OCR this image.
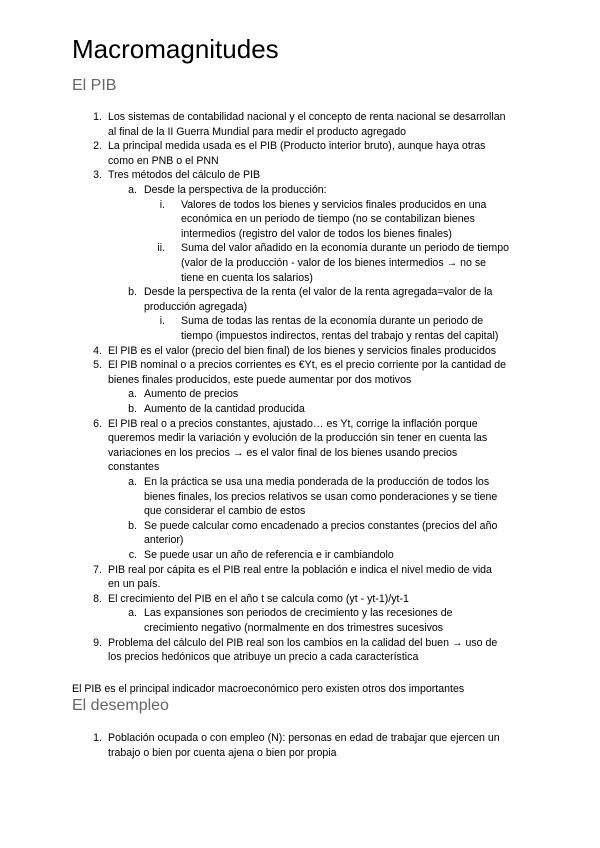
Macromagnitudes
El PIB
1. Los sistemas de contabilidad nacional y el concepto de renta nacional se desarrollan
al final de la II Guerra Mundial para medir el producto agregado
2. La principal medida usada es el PIB (Producto interior bruto), aunque haya otras
como en PNB o el PNN
3. Tres métodos del cálculo de PIB
a. Desde la perspectiva de la producción:
i. Valores de todos los bienes y servicios finales producidos en una
económica en un periodo de tiempo (no se contabilizan bienes
intermedios (registro del valor de todos los bienes finales)
ii. Suma del valor añadido en la economía durante un periodo de tiempo
(valor de la producción - valor de los bienes intermedios → no se
tiene en cuenta los salarios)
b. Desde la perspectiva de la renta (el valor de la renta agregada=valor de la
producción agregada)
i. Suma de todas las rentas de la economía durante un periodo de
tiempo (impuestos indirectos, rentas del trabajo y rentas del capital)
4. El PIB es el valor (precio del bien final) de los bienes y servicios finales producidos
5. El PIB nominal o a precios corrientes es €Yt, es el precio corriente por la cantidad de
bienes finales producidos, este puede aumentar por dos motivos
a. Aumento de precios
b. Aumento de la cantidad producida
6. El PIB real o a precios constantes, ajustado… es Yt, corrige la inflación porque
queremos medir la variación y evolución de la producción sin tener en cuenta las
variaciones en los precios → es el valor final de los bienes usando precios
constantes
a. En la práctica se usa una media ponderada de la producción de todos los
bienes finales, los precios relativos se usan como ponderaciones y se tiene
que considerar el cambio de estos
b. Se puede calcular como encadenado a precios constantes (precios del año
anterior)
c. Se puede usar un año de referencia e ir cambiandolo
7. PIB real por cápita es el PIB real entre la población e indica el nivel medio de vida
en un país.
8. El crecimiento del PIB en el año t se calcula como (yt - yt-1)/yt-1
a. Las expansiones son periodos de crecimiento y las recesiones de
crecimiento negativo (normalmente en dos trimestres sucesivos
9. Problema del cálculo del PIB real son los cambios en la calidad del buen → uso de
los precios hedónicos que atribuye un precio a cada característica

El PIB es el principal indicador macroeconómico pero existen otros dos importantes

El desempleo
1. Población ocupada o con empleo (N): personas en edad de trabajar que ejercen un
trabajo o bien por cuenta ajena o bien por propia
